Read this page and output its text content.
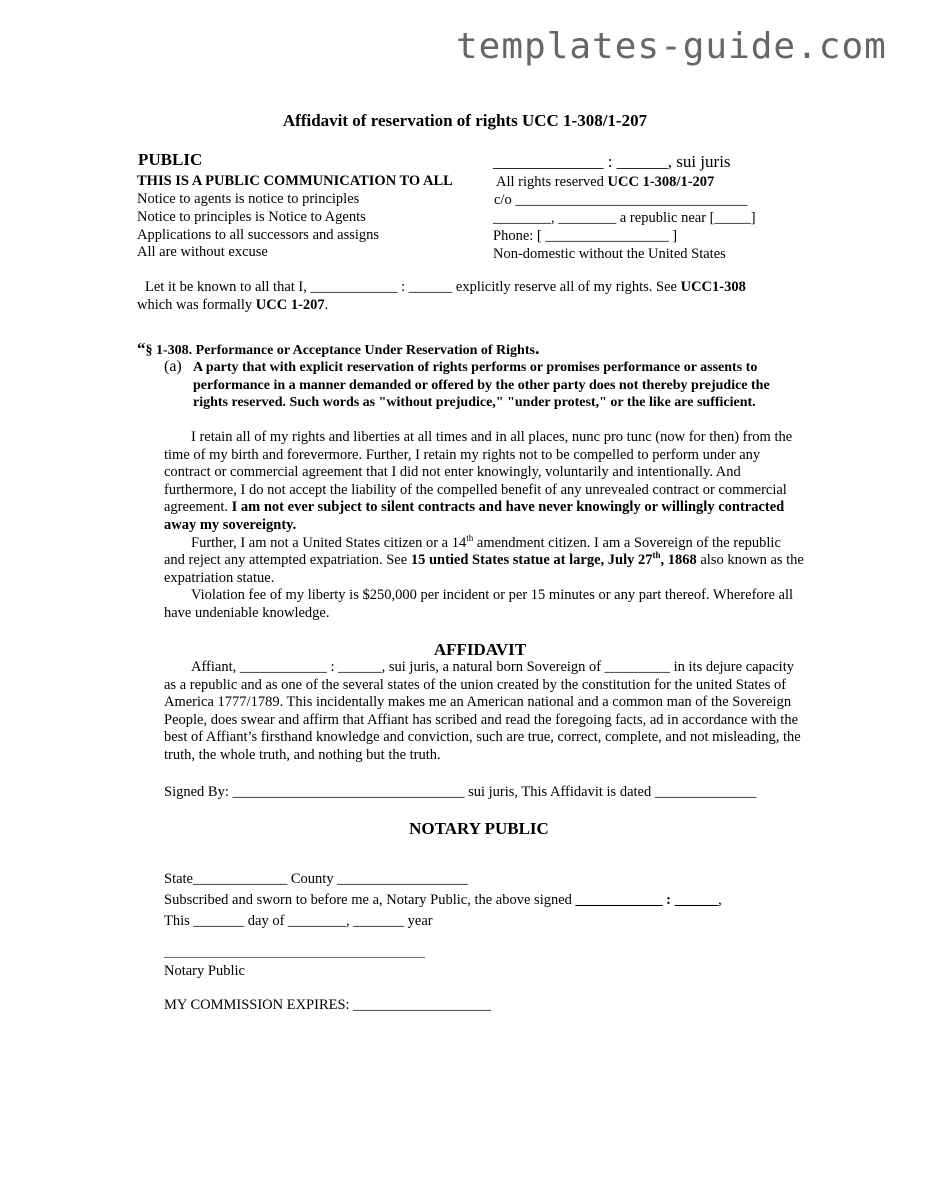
templates-guide.com
Affidavit of reservation of rights UCC 1-308/1-207
PUBLIC
THIS IS A PUBLIC COMMUNICATION TO ALL
Notice to agents is notice to principles
Notice to principles is Notice to Agents
Applications to all successors and assigns
All are without excuse
_____________ : ______, sui juris
All rights reserved UCC 1-308/1-207
c/o ________________________________
________, ________ a republic near [_____]
Phone: [ _________________ ]
Non-domestic without the United States
Let it be known to all that I, ____________ : ______ explicitly reserve all of my rights. See UCC1-308
which was formally UCC 1-207.
“§ 1-308. Performance or Acceptance Under Reservation of Rights.
(a) A party that with explicit reservation of rights performs or promises performance or assents to performance in a manner demanded or offered by the other party does not thereby prejudice the rights reserved. Such words as "without prejudice," "under protest," or the like are sufficient.

I retain all of my rights and liberties at all times and in all places, nunc pro tunc (now for then) from the time of my birth and forevermore. Further, I retain my rights not to be compelled to perform under any contract or commercial agreement that I did not enter knowingly, voluntarily and intentionally. And furthermore, I do not accept the liability of the compelled benefit of any unrevealed contract or commercial agreement. I am not ever subject to silent contracts and have never knowingly or willingly contracted away my sovereignty.

Further, I am not a United States citizen or a 14th amendment citizen. I am a Sovereign of the republic and reject any attempted expatriation. See 15 untied States statue at large, July 27th, 1868 also known as the expatriation statue.

Violation fee of my liberty is $250,000 per incident or per 15 minutes or any part thereof. Wherefore all have undeniable knowledge.

AFFIDAVIT
Affiant, ____________ : ______, sui juris, a natural born Sovereign of _________ in its dejure capacity as a republic and as one of the several states of the union created by the constitution for the united States of America 1777/1789. This incidentally makes me an American national and a common man of the Sovereign People, does swear and affirm that Affiant has scribed and read the foregoing facts, ad in accordance with the best of Affiant’s firsthand knowledge and conviction, such are true, correct, complete, and not misleading, the truth, the whole truth, and nothing but the truth.
Signed By: ________________________________ sui juris, This Affidavit is dated ______________
NOTARY PUBLIC
State_____________ County __________________
Subscribed and sworn to before me a, Notary Public, the above signed ____________ : ______,
This _______ day of ________, _______ year
____________________________________
Notary Public
MY COMMISSION EXPIRES: ___________________
